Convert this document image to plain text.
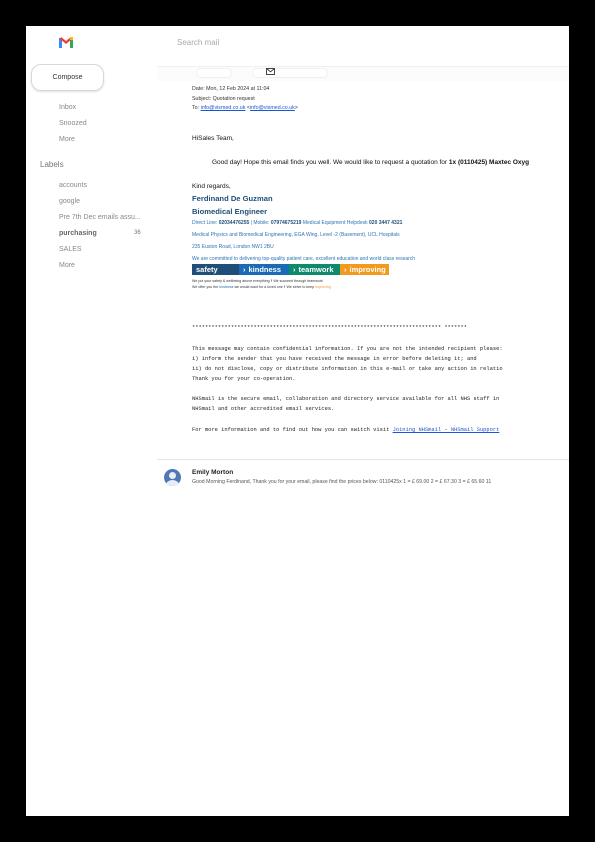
Compose
Inbox
Snoozed
More
Labels
accounts
google
Pre 7th Dec emails assu...
purchasing	36
SALES
More
Search mail
Date: Mon, 12 Feb 2024 at 11:04
Subject: Quotation request
To: info@vismed.co.uk <info@vismed.co.uk>
HiSales Team,
Good day! Hope this email finds you well. We would like to request a quotation for 1x (0110425) Maxtec Oxyg
Kind regards,
Ferdinand De Guzman
Biomedical Engineer
Direct Line: 02034476255 | Mobile: 07974675219 Medical Equipment Helpdesk 020 3447 4321
Medical Physics and Biomedical Engineering, EGA Wing, Level -2 (Basement), UCL Hospitals
235 Euston Road, London NW1 2BU
We are committed to delivering top-quality patient care, excellent education and world class research
safety	› kindness › teamwork › improving
We put your safety & wellbeing above everything › We succeed through teamwork
We offer you the kindness we would want for a loved one › We strive to keep improving
***************************************************************************** *******
This message may contain confidential information. If you are not the intended recipient please:
i) inform the sender that you have received the message in error before deleting it; and
ii) do not disclose, copy or distribute information in this e-mail or take any action in relatio
Thank you for your co-operation.
NHSmail is the secure email, collaboration and directory service available for all NHS staff in
NHSmail and other accredited email services.
For more information and to find out how you can switch visit Joining NHSmail – NHSmail Support
Emily Morton
Good Morning Ferdinand, Thank you for your email, please find the prices below: 0110425x 1 = £ 69.00 2 = £ 67.30 3 = £ 65.60 11
